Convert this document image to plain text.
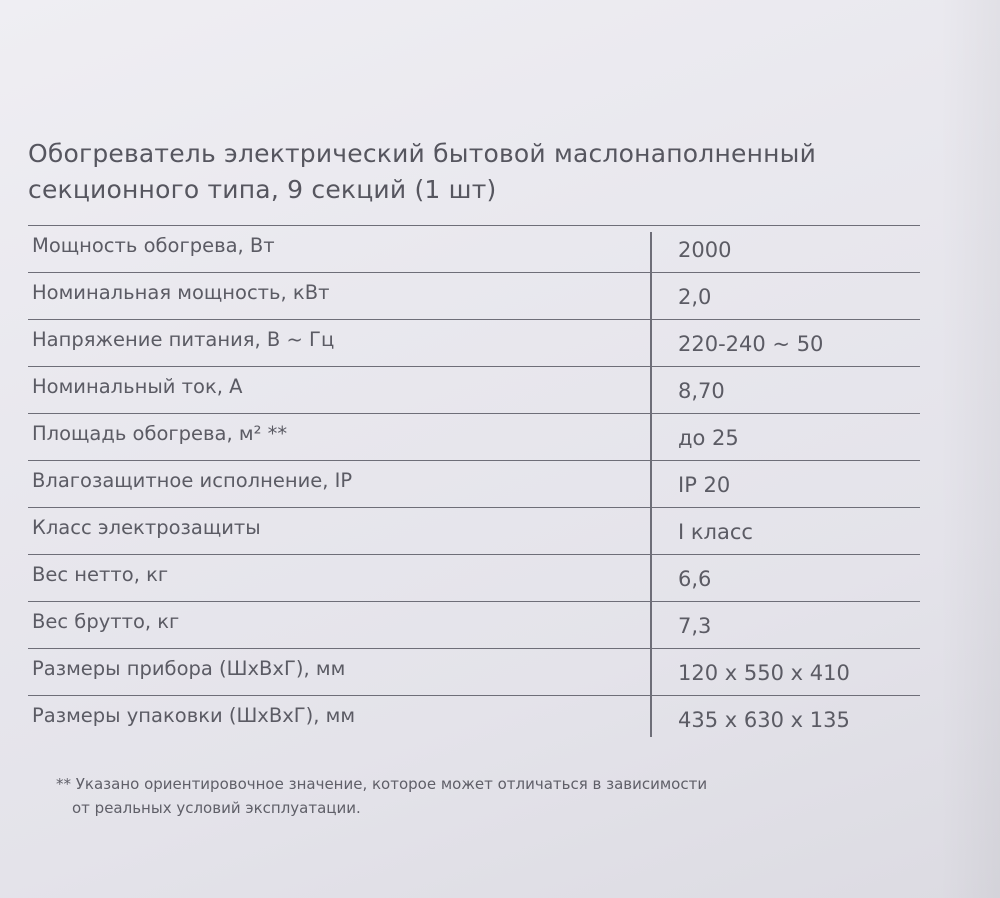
Обогреватель электрический бытовой маслонаполненный
секционного типа, 9 секций (1 шт)
Мощность обогрева, Вт	2000
Номинальная мощность, кВт	2,0
Напряжение питания, В ~ Гц	220-240 ~ 50
Номинальный ток, А	8,70
Площадь обогрева, м² **	до 25
Влагозащитное исполнение, IP	IP 20
Класс электрозащиты	I класс
Вес нетто, кг	6,6
Вес брутто, кг	7,3
Размеры прибора (ШхВхГ), мм	120 х 550 х 410
Размеры упаковки (ШхВхГ), мм	435 х 630 х 135
** Указано ориентировочное значение, которое может отличаться в зависимости
от реальных условий эксплуатации.
